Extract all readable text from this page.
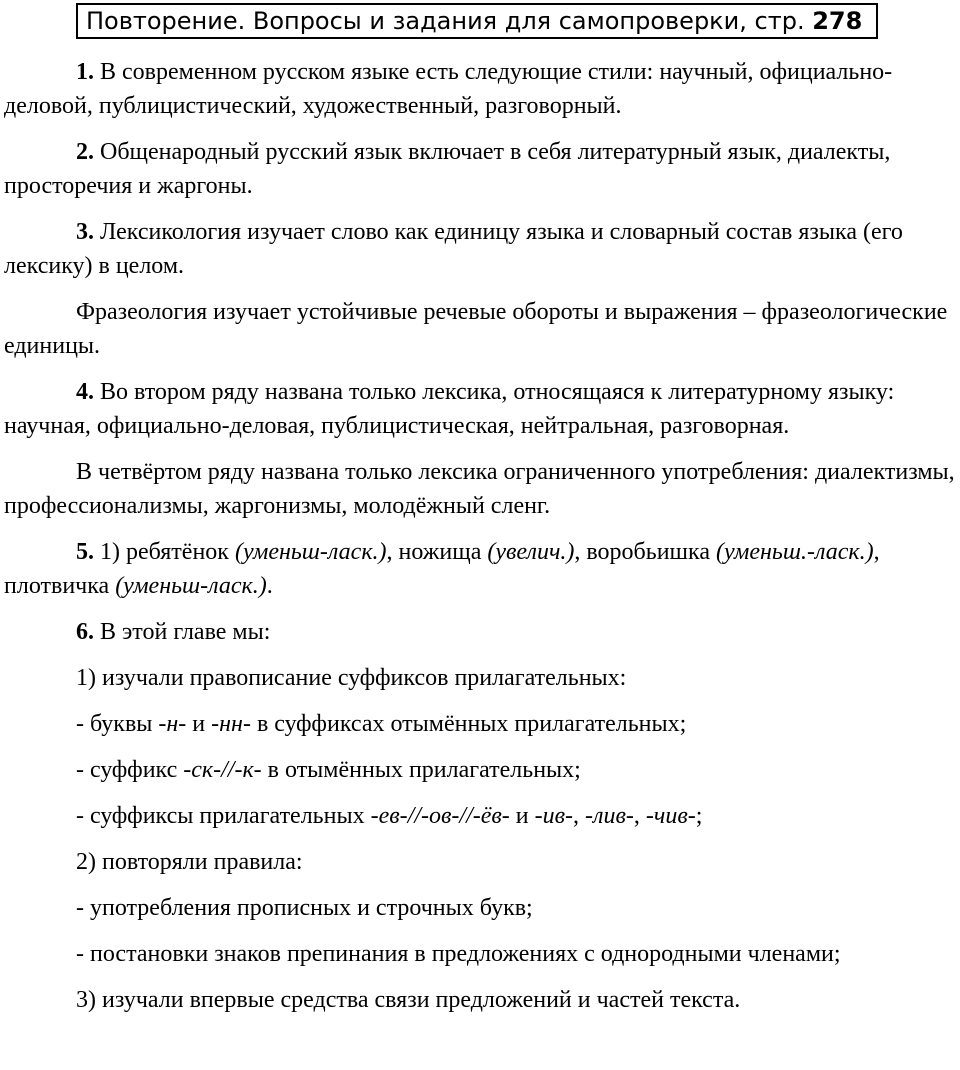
Повторение. Вопросы и задания для самопроверки, стр. 278

1. В современном русском языке есть следующие стили: научный, официально-деловой, публицистический, художественный, разговорный.

2. Общенародный русский язык включает в себя литературный язык, диалекты, просторечия и жаргоны.

3. Лексикология изучает слово как единицу языка и словарный состав языка (его лексику) в целом.

Фразеология изучает устойчивые речевые обороты и выражения – фразеологические единицы.

4. Во втором ряду названа только лексика, относящаяся к литературному языку: научная, официально-деловая, публицистическая, нейтральная, разговорная.

В четвёртом ряду названа только лексика ограниченного употребления: диалектизмы, профессионализмы, жаргонизмы, молодёжный сленг.

5. 1) ребятёнок (уменьш-ласк.), ножища (увелич.), воробьишка (уменьш.-ласк.), плотвичка (уменьш-ласк.).

6. В этой главе мы:

1) изучали правописание суффиксов прилагательных:

- буквы -н- и -нн- в суффиксах отымённых прилагательных;

- суффикс -ск-//-к- в отымённых прилагательных;

- суффиксы прилагательных -ев-//-ов-//-ёв- и -ив-, -лив-, -чив-;

2) повторяли правила:

- употребления прописных и строчных букв;

- постановки знаков препинания в предложениях с однородными членами;

3) изучали впервые средства связи предложений и частей текста.
